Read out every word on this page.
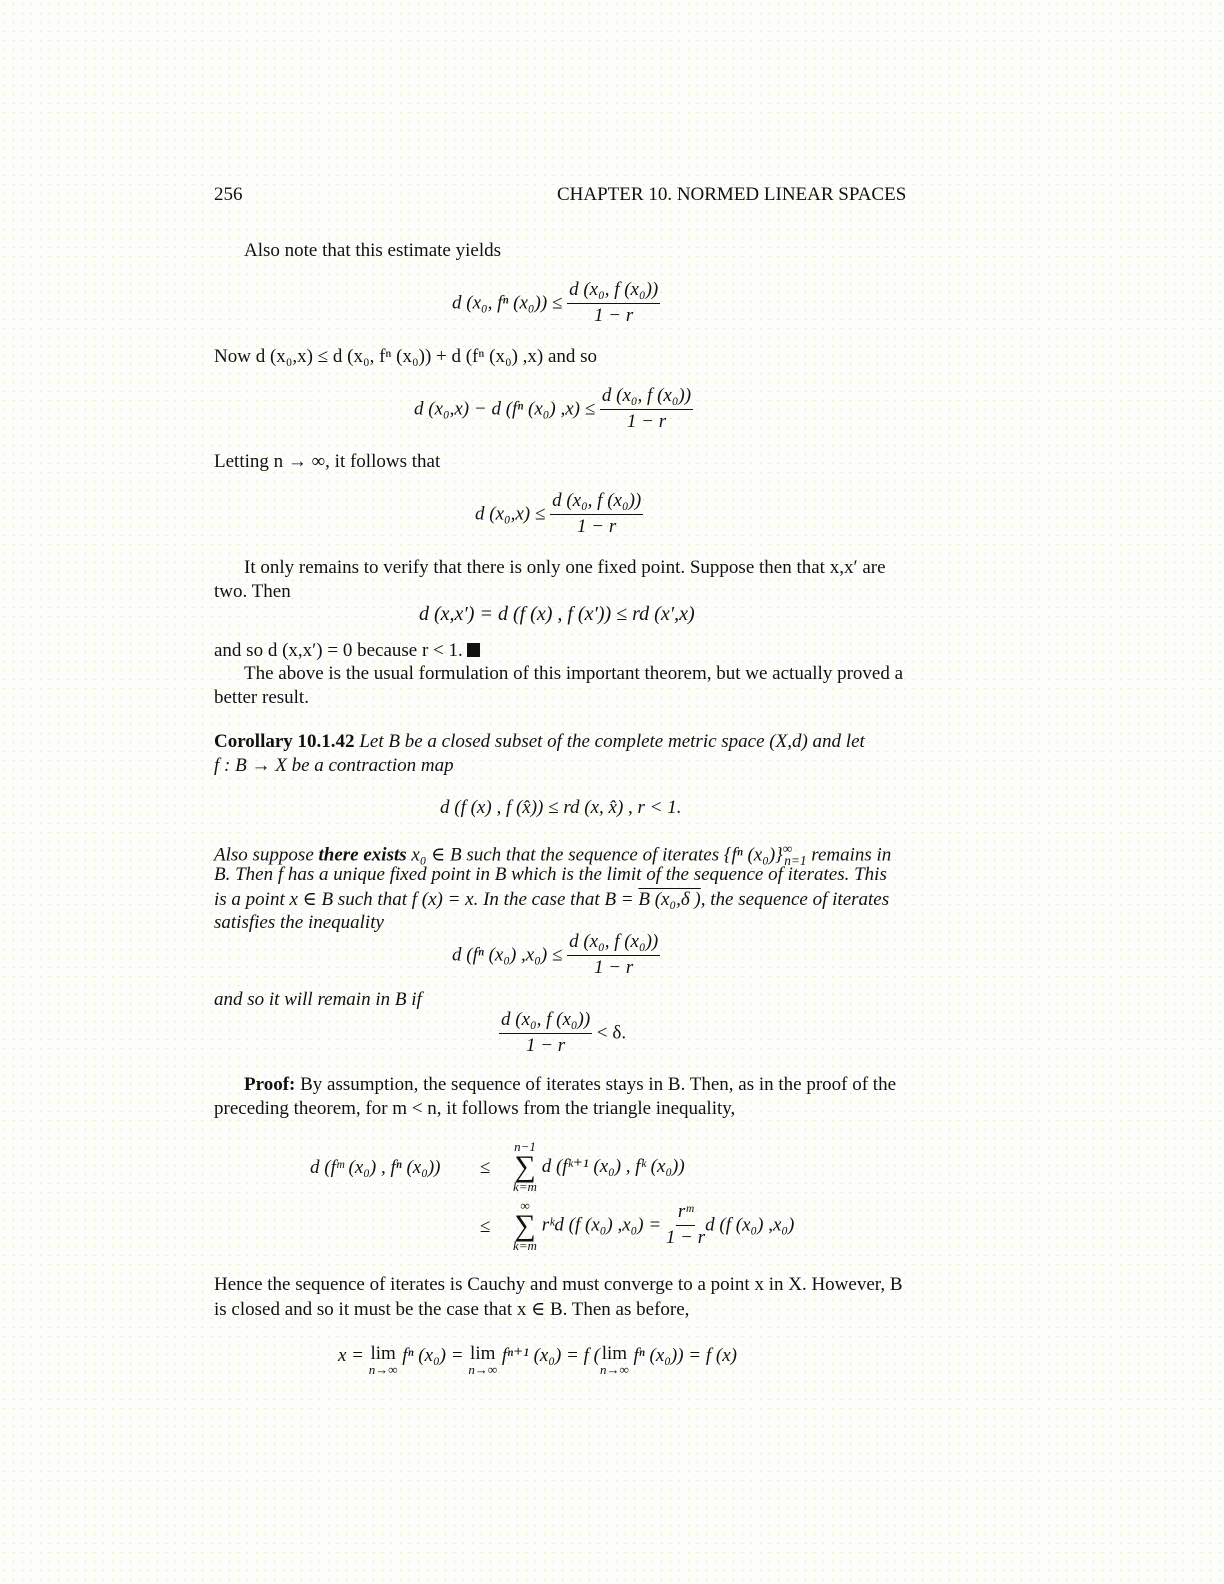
256	CHAPTER 10. NORMED LINEAR SPACES
Also note that this estimate yields
d (x₀, fⁿ $(x_0)) \le \frac{\text{d (x₀, f (x₀))}}{1 - r}$
Now d (x₀,x) ≤ d (x₀, fⁿ (x₀)) + d (fⁿ (x₀) ,x) and so
d (x₀,x) − d (fⁿ (x₀) $,x) \le \frac{\text{d (x₀, f (x₀))}}{1 - r}$
Letting n → ∞, it follows that
d $(x_0,x) \le \frac{\text{d (x₀, f (x₀))}}{1 - r}$
It only remains to verify that there is only one fixed point. Suppose then that x,x′ are
two. Then
d (x,x′) = d (f (x) , f (x′)) ≤ rd (x′,x)
and so d (x,x′) = 0 because r < 1.
The above is the usual formulation of this important theorem, but we actually proved a
better result.
Corollary 10.1.42 Let B be a closed subset of the complete metric space (X,d) and let
f : B → X be a contraction map
d (f (x) , f (x̂)) ≤ rd (x, x̂) , r < 1.
Also suppose there exists x₀ ∈ B such that the sequence of iterates {fⁿ $(x_0)\}^\infty_{n=1}$ remains in
B. Then f has a unique fixed point in B which is the limit of the sequence of iterates. This
is a point x ∈ B such that f (x) = x. In the case that B = B (x₀,δ ), the sequence of iterates
satisfies the inequality
d (fⁿ (x₀) $,x_0) \le \frac{\text{d (x₀, f (x₀))}}{1 - r}$
and so it will remain in B if
$\frac{\text{d (x₀, f (x₀))}}{1 - r} < \delta$.
Proof: By assumption, the sequence of iterates stays in B. Then, as in the proof of the
preceding theorem, for m < n, it follows from the triangle inequality,
d (fᵐ (x₀) , fⁿ (x₀)) ≤
n−1
∑
k=m
d (fᵏ⁺¹ (x₀) , fᵏ (x₀))
≤
∞
∑
k=m
rᵏd (f (x₀) $,x_0) = \frac{\text{rᵐ}}{1 - r}$ d (f (x₀) ,x₀)
Hence the sequence of iterates is Cauchy and must converge to a point x in X. However, B
is closed and so it must be the case that x ∈ B. Then as before,
x = lim
n→∞
fⁿ (x₀) = lim
n→∞
fⁿ⁺¹ (x₀) = f ( lim
n→∞
fⁿ (x₀)) = f (x)
